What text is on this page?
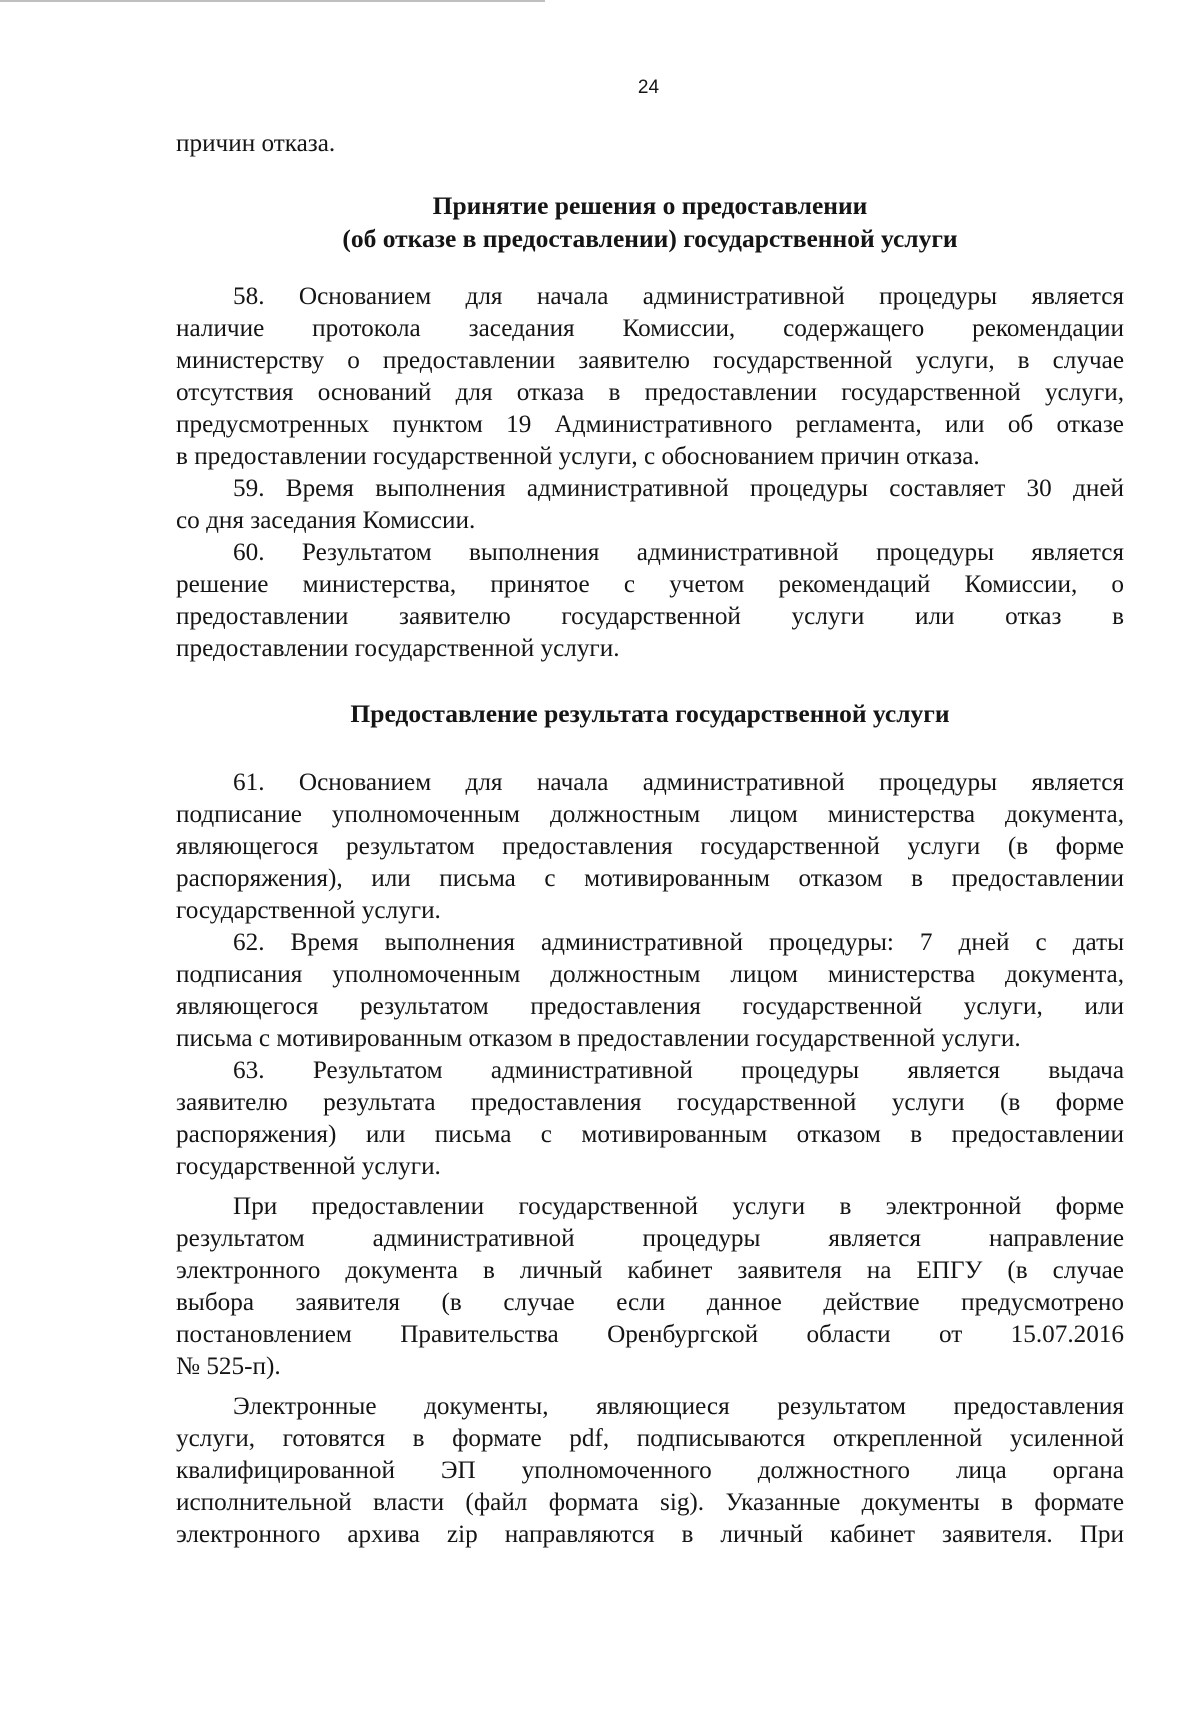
24
причин отказа.
Принятие решения о предоставлении
(об отказе в предоставлении) государственной услуги
58. Основанием для начала административной процедуры является
наличие протокола заседания Комиссии, содержащего рекомендации
министерству о предоставлении заявителю государственной услуги, в случае
отсутствия оснований для отказа в предоставлении государственной услуги,
предусмотренных пунктом 19 Административного регламента, или об отказе
в предоставлении государственной услуги, с обоснованием причин отказа.
59. Время выполнения административной процедуры составляет 30 дней
со дня заседания Комиссии.
60. Результатом выполнения административной процедуры является
решение министерства, принятое с учетом рекомендаций Комиссии, о
предоставлении заявителю государственной услуги или отказ в
предоставлении государственной услуги.
Предоставление результата государственной услуги
61. Основанием для начала административной процедуры является
подписание уполномоченным должностным лицом министерства документа,
являющегося результатом предоставления государственной услуги (в форме
распоряжения), или письма с мотивированным отказом в предоставлении
государственной услуги.
62. Время выполнения административной процедуры: 7 дней с даты
подписания уполномоченным должностным лицом министерства документа,
являющегося результатом предоставления государственной услуги, или
письма с мотивированным отказом в предоставлении государственной услуги.
63. Результатом административной процедуры является выдача
заявителю результата предоставления государственной услуги (в форме
распоряжения) или письма с мотивированным отказом в предоставлении
государственной услуги.
При предоставлении государственной услуги в электронной форме
результатом административной процедуры является направление
электронного документа в личный кабинет заявителя на ЕПГУ (в случае
выбора заявителя (в случае если данное действие предусмотрено
постановлением Правительства Оренбургской области от 15.07.2016
№ 525-п).
Электронные документы, являющиеся результатом предоставления
услуги, готовятся в формате pdf, подписываются открепленной усиленной
квалифицированной ЭП уполномоченного должностного лица органа
исполнительной власти (файл формата sig). Указанные документы в формате
электронного архива zip направляются в личный кабинет заявителя. При
